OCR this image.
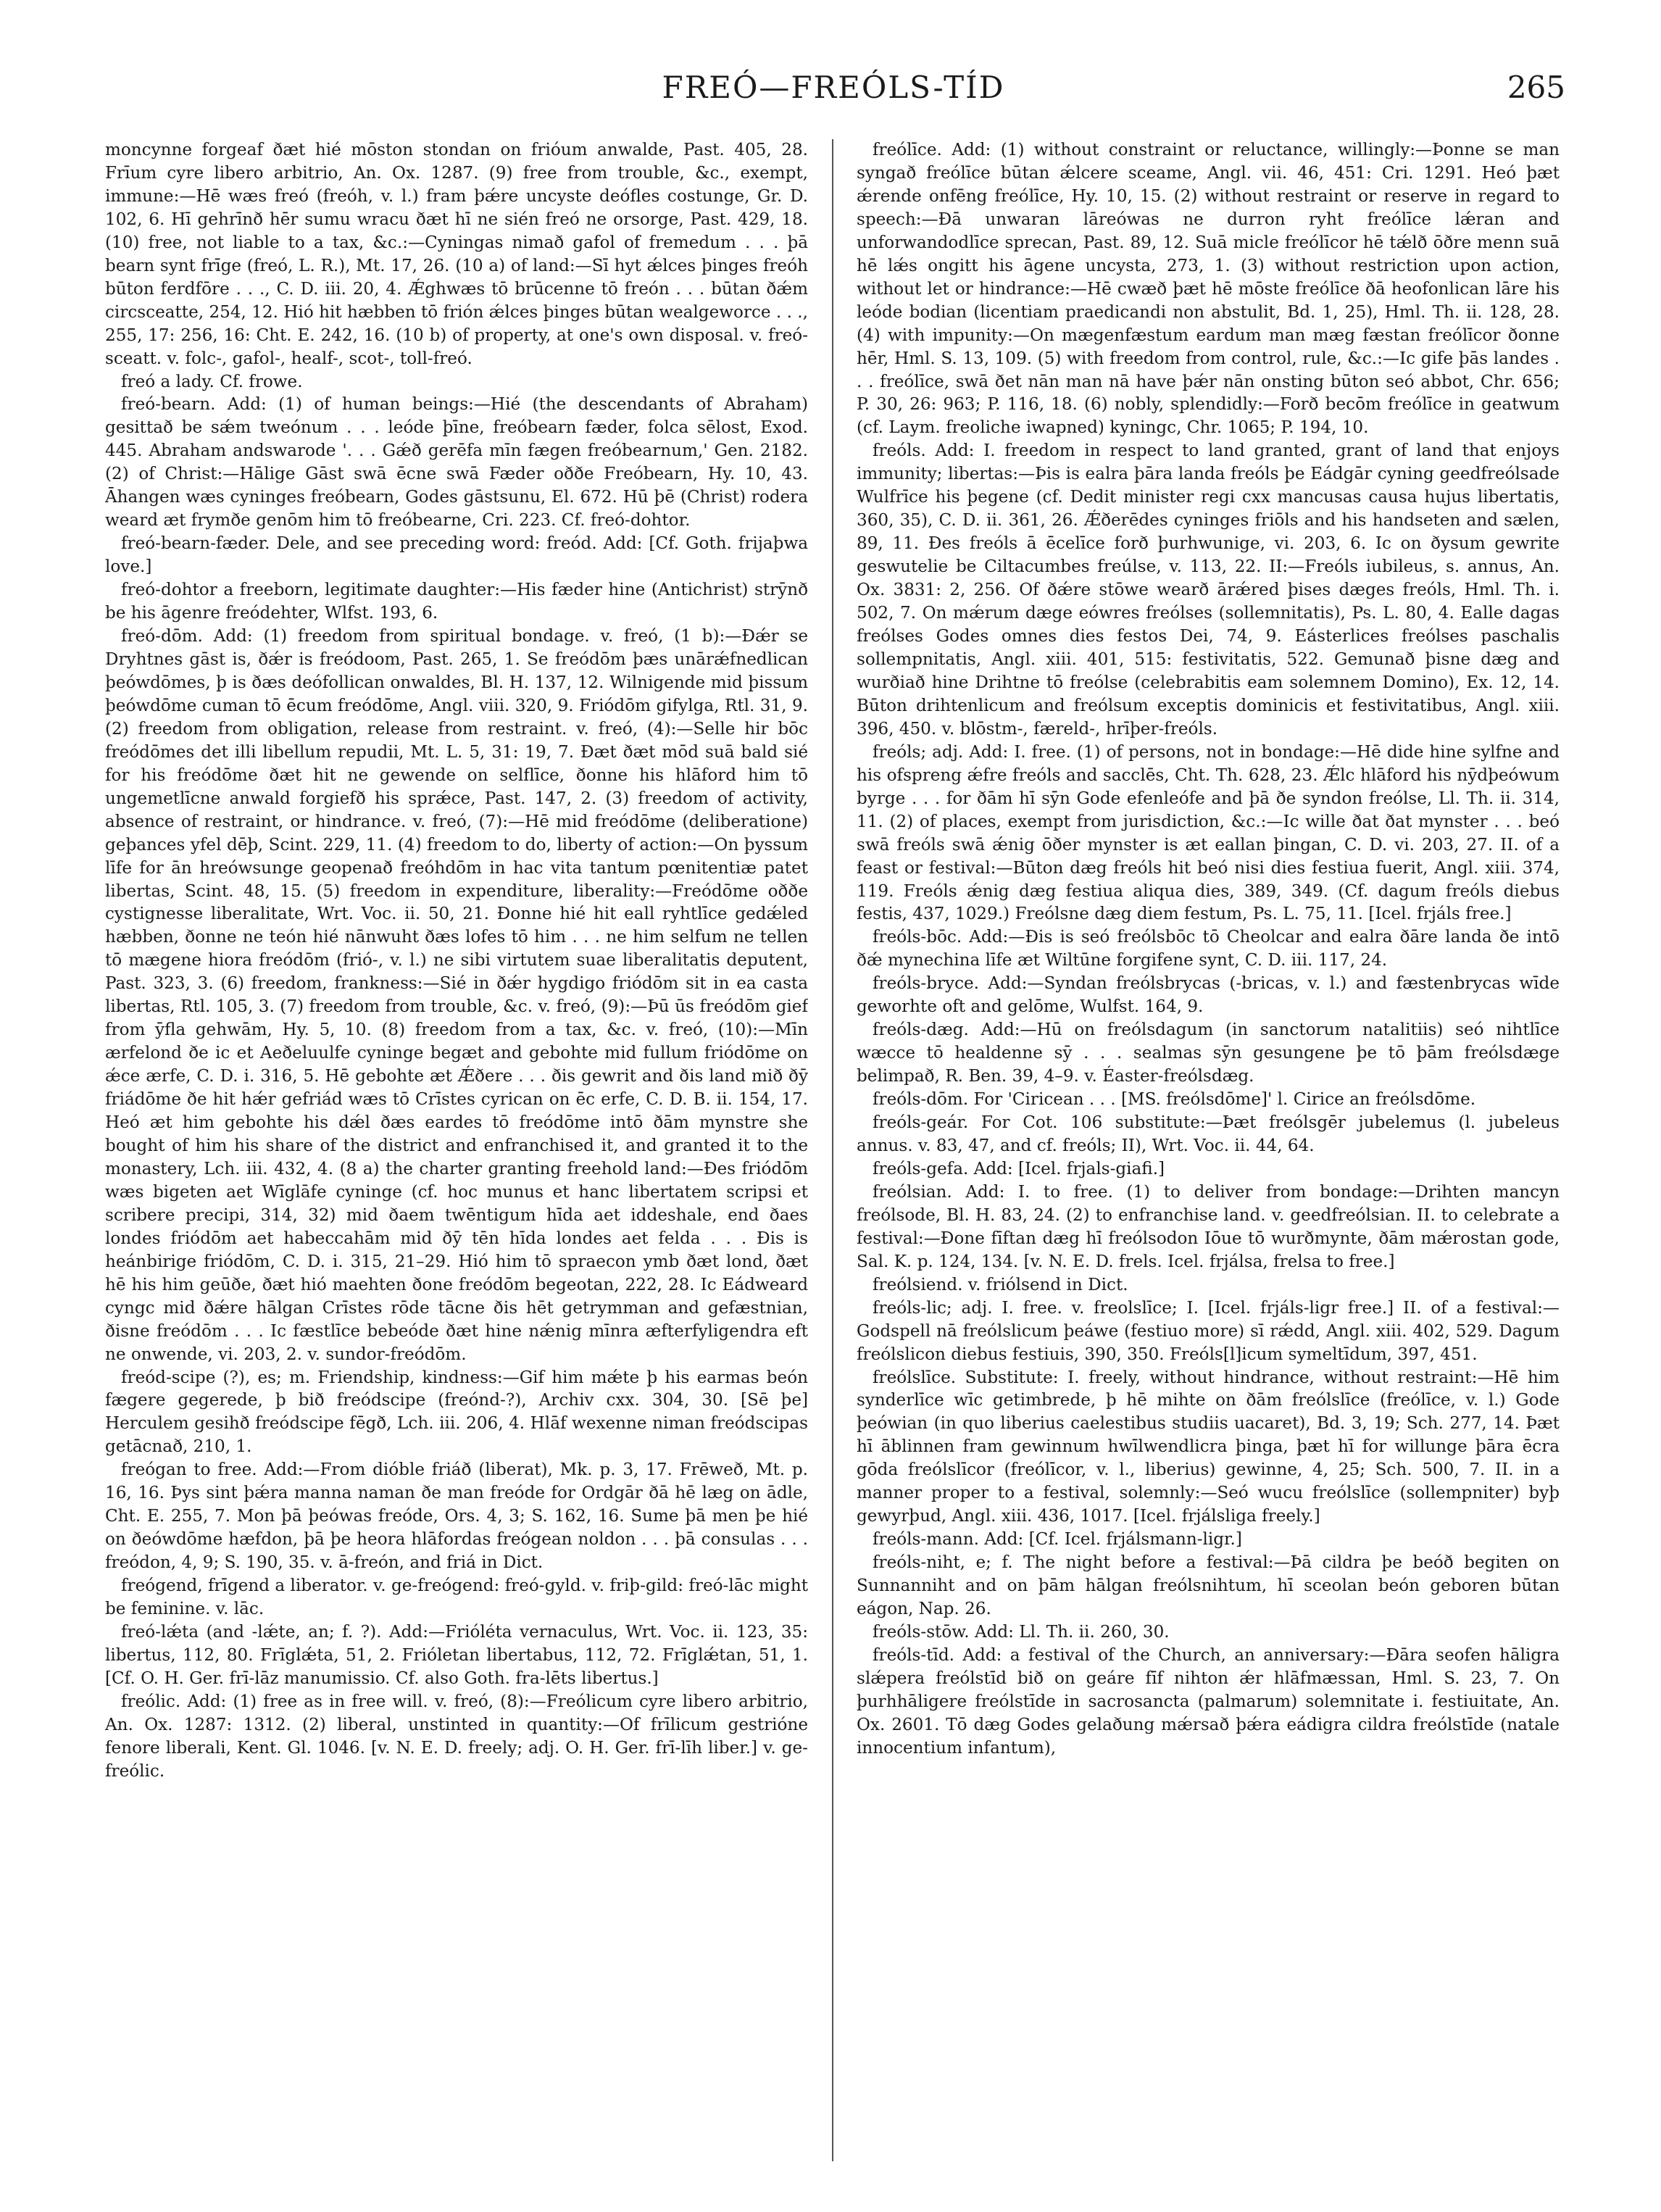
FREÓ—FREÓLS-TÍD	265

moncynne forgeaf ðæt hié mōston stondan on frióum anwalde, Past. 405, 28. Frīum cyre libero arbitrio, An. Ox. 1287. (9) free from trouble, &c., exempt, immune:—Hē wæs freó (freóh, v. l.) fram þǽre uncyste deófles costunge, Gr. D. 102, 6. Hī gehrīnð hēr sumu wracu ðæt hī ne sién freó ne orsorge, Past. 429, 18. (10) free, not liable to a tax, &c.:—Cyningas nimað gafol of fremedum . . . þā bearn synt frīge (freó, L. R.), Mt. 17, 26. (10 a) of land:—Sī hyt ǽlces þinges freóh būton ferdfōre . . ., C. D. iii. 20, 4. Ǽghwæs tō brūcenne tō freón . . . būtan ðǽm circsceatte, 254, 12. Hió hit hæbben tō frión ǽlces þinges būtan wealgeworce . . ., 255, 17: 256, 16: Cht. E. 242, 16. (10 b) of property, at one's own disposal. v. freó-sceatt. v. folc-, gafol-, healf-, scot-, toll-freó.

freó a lady. Cf. frowe.

freó-bearn. Add: (1) of human beings:—Hié (the descendants of Abraham) gesittað be sǽm tweónum . . . leóde þīne, freóbearn fæder, folca sēlost, Exod. 445. Abraham andswarode '. . . Gǽð gerēfa mīn fægen freóbearnum,' Gen. 2182. (2) of Christ:—Hālige Gāst swā ēcne swā Fæder oððe Freóbearn, Hy. 10, 43. Āhangen wæs cyninges freóbearn, Godes gāstsunu, El. 672. Hū þē (Christ) rodera weard æt frymðe genōm him tō freóbearne, Cri. 223. Cf. freó-dohtor.

freó-bearn-fæder. Dele, and see preceding word: freód. Add: [Cf. Goth. frijaþwa love.]

freó-dohtor a freeborn, legitimate daughter:—His fæder hine (Antichrist) strȳnð be his āgenre freódehter, Wlfst. 193, 6.

freó-dōm. Add: (1) freedom from spiritual bondage. v. freó, (1 b):—Ðǽr se Dryhtnes gāst is, ðǽr is freódoom, Past. 265, 1. Se freódōm þæs unārǽfnedlican þeówdōmes, þ is ðæs deófollican onwaldes, Bl. H. 137, 12. Wilnigende mid þissum þeówdōme cuman tō ēcum freódōme, Angl. viii. 320, 9. Friódōm gifylga, Rtl. 31, 9. (2) freedom from obligation, release from restraint. v. freó, (4):—Selle hir bōc freódōmes det illi libellum repudii, Mt. L. 5, 31: 19, 7. Ðæt ðæt mōd suā bald sié for his freódōme ðæt hit ne gewende on selflīce, ðonne his hlāford him tō ungemetlīcne anwald forgiefð his sprǽce, Past. 147, 2. (3) freedom of activity, absence of restraint, or hindrance. v. freó, (7):—Hē mid freódōme (deliberatione) geþances yfel dēþ, Scint. 229, 11. (4) freedom to do, liberty of action:—On þyssum līfe for ān hreówsunge geopenað freóhdōm in hac vita tantum pœnitentiæ patet libertas, Scint. 48, 15. (5) freedom in expenditure, liberality:—Freódōme oððe cystignesse liberalitate, Wrt. Voc. ii. 50, 21. Ðonne hié hit eall ryhtlīce gedǽled hæbben, ðonne ne teón hié nānwuht ðæs lofes tō him . . . ne him selfum ne tellen tō mægene hiora freódōm (frió-, v. l.) ne sibi virtutem suae liberalitatis deputent, Past. 323, 3. (6) freedom, frankness:—Sié in ðǽr hygdigo friódōm sit in ea casta libertas, Rtl. 105, 3. (7) freedom from trouble, &c. v. freó, (9):—Þū ūs freódōm gief from ȳfla gehwām, Hy. 5, 10. (8) freedom from a tax, &c. v. freó, (10):—Mīn ærfelond ðe ic et Aeðeluulfe cyninge begæt and gebohte mid fullum friódōme on ǽce ærfe, C. D. i. 316, 5. Hē gebohte æt Ǽðere . . . ðis gewrit and ðis land mið ðȳ friádōme ðe hit hǽr gefriád wæs tō Crīstes cyrican on ēc erfe, C. D. B. ii. 154, 17. Heó æt him gebohte his dǽl ðæs eardes tō freódōme intō ðām mynstre she bought of him his share of the district and enfranchised it, and granted it to the monastery, Lch. iii. 432, 4. (8 a) the charter granting freehold land:—Ðes friódōm wæs bigeten aet Wīglāfe cyninge (cf. hoc munus et hanc libertatem scripsi et scribere precipi, 314, 32) mid ðaem twēntigum hīda aet iddeshale, end ðaes londes friódōm aet habeccahām mid ðȳ tēn hīda londes aet felda . . . Ðis is heánbirige friódōm, C. D. i. 315, 21–29. Hió him tō spraecon ymb ðæt lond, ðæt hē his him geūðe, ðæt hió maehten ðone freódōm begeotan, 222, 28. Ic Eádweard cyngc mid ðǽre hālgan Crīstes rōde tācne ðis hēt getrymman and gefæstnian, ðisne freódōm . . . Ic fæstlīce bebeóde ðæt hine nǽnig mīnra æfterfyligendra eft ne onwende, vi. 203, 2. v. sundor-freódōm.

freód-scipe (?), es; m. Friendship, kindness:—Gif him mǽte þ his earmas beón fægere gegerede, þ bið freódscipe (freónd-?), Archiv cxx. 304, 30. [Sē þe] Herculem gesihð freódscipe fēgð, Lch. iii. 206, 4. Hlāf wexenne niman freódscipas getācnað, 210, 1.

freógan to free. Add:—From dióble friáð (liberat), Mk. p. 3, 17. Frēweð, Mt. p. 16, 16. Þys sint þǽra manna naman ðe man freóde for Ordgār ðā hē læg on ādle, Cht. E. 255, 7. Mon þā þeówas freóde, Ors. 4, 3; S. 162, 16. Sume þā men þe hié on ðeówdōme hæfdon, þā þe heora hlāfordas freógean noldon . . . þā consulas . . . freódon, 4, 9; S. 190, 35. v. ā-freón, and friá in Dict.

freógend, frīgend a liberator. v. ge-freógend: freó-gyld. v. friþ-gild: freó-lāc might be feminine. v. lāc.

freó-lǽta (and -lǽte, an; f. ?). Add:—Frióléta vernaculus, Wrt. Voc. ii. 123, 35: libertus, 112, 80. Frīglǽta, 51, 2. Frióletan libertabus, 112, 72. Frīglǽtan, 51, 1. [Cf. O. H. Ger. frī-lāz manumissio. Cf. also Goth. fra-lēts libertus.]

freólic. Add: (1) free as in free will. v. freó, (8):—Freólicum cyre libero arbitrio, An. Ox. 1287: 1312. (2) liberal, unstinted in quantity:—Of frīlicum gestrióne fenore liberali, Kent. Gl. 1046. [v. N. E. D. freely; adj. O. H. Ger. frī-līh liber.] v. ge-freólic.

freólīce. Add: (1) without constraint or reluctance, willingly:—Þonne se man syngað freólīce būtan ǽlcere sceame, Angl. vii. 46, 451: Cri. 1291. Heó þæt ǽrende onfēng freólīce, Hy. 10, 15. (2) without restraint or reserve in regard to speech:—Ðā unwaran lāreówas ne durron ryht freólīce lǽran and unforwandodlīce sprecan, Past. 89, 12. Suā micle freólīcor hē tǽlð ōðre menn suā hē lǽs ongitt his āgene uncysta, 273, 1. (3) without restriction upon action, without let or hindrance:—Hē cwæð þæt hē mōste freólīce ðā heofonlican lāre his leóde bodian (licentiam praedicandi non abstulit, Bd. 1, 25), Hml. Th. ii. 128, 28. (4) with impunity:—On mægenfæstum eardum man mæg fæstan freólīcor ðonne hēr, Hml. S. 13, 109. (5) with freedom from control, rule, &c.:—Ic gife þās landes . . . freólīce, swā ðet nān man nā have þǽr nān onsting būton seó abbot, Chr. 656; P. 30, 26: 963; P. 116, 18. (6) nobly, splendidly:—Forð becōm freólīce in geatwum (cf. Laym. freoliche iwapned) kyningc, Chr. 1065; P. 194, 10.

freóls. Add: I. freedom in respect to land granted, grant of land that enjoys immunity; libertas:—Þis is ealra þāra landa freóls þe Eádgār cyning geedfreólsade Wulfrīce his þegene (cf. Dedit minister regi cxx mancusas causa hujus libertatis, 360, 35), C. D. ii. 361, 26. Ǽðerēdes cyninges friōls and his handseten and sælen, 89, 11. Ðes freóls ā ēcelīce forð þurhwunige, vi. 203, 6. Ic on ðysum gewrite geswutelie be Ciltacumbes freúlse, v. 113, 22. II:—Freóls iubileus, s. annus, An. Ox. 3831: 2, 256. Of ðǽre stōwe wearð ārǽred þises dæges freóls, Hml. Th. i. 502, 7. On mǽrum dæge eówres freólses (sollemnitatis), Ps. L. 80, 4. Ealle dagas freólses Godes omnes dies festos Dei, 74, 9. Eásterlices freólses paschalis sollempnitatis, Angl. xiii. 401, 515: festivitatis, 522. Gemunað þisne dæg and wurðiað hine Drihtne tō freólse (celebrabitis eam solemnem Domino), Ex. 12, 14. Būton drihtenlicum and freólsum exceptis dominicis et festivitatibus, Angl. xiii. 396, 450. v. blōstm-, færeld-, hrīþer-freóls.

freóls; adj. Add: I. free. (1) of persons, not in bondage:—Hē dide hine sylfne and his ofspreng ǽfre freóls and sacclēs, Cht. Th. 628, 23. Ǽlc hlāford his nȳdþeówum byrge . . . for ðām hī sȳn Gode efenleófe and þā ðe syndon freólse, Ll. Th. ii. 314, 11. (2) of places, exempt from jurisdiction, &c.:—Ic wille ðat ðat mynster . . . beó swā freóls swā ǽnig ōðer mynster is æt eallan þingan, C. D. vi. 203, 27. II. of a feast or festival:—Būton dæg freóls hit beó nisi dies festiua fuerit, Angl. xiii. 374, 119. Freóls ǽnig dæg festiua aliqua dies, 389, 349. (Cf. dagum freóls diebus festis, 437, 1029.) Freólsne dæg diem festum, Ps. L. 75, 11. [Icel. frjáls free.]

freóls-bōc. Add:—Ðis is seó freólsbōc tō Cheolcar and ealra ðāre landa ðe intō ðǽ mynechina līfe æt Wiltūne forgifene synt, C. D. iii. 117, 24.

freóls-bryce. Add:—Syndan freólsbrycas (-bricas, v. l.) and fæstenbrycas wīde geworhte oft and gelōme, Wulfst. 164, 9.

freóls-dæg. Add:—Hū on freólsdagum (in sanctorum natalitiis) seó nihtlīce wæcce tō healdenne sȳ . . . sealmas sȳn gesungene þe tō þām freólsdæge belimpað, R. Ben. 39, 4–9. v. Éaster-freólsdæg.

freóls-dōm. For 'Ciricean . . . [MS. freólsdōme]' l. Cirice an freólsdōme.

freóls-geár. For Cot. 106 substitute:—Þæt freólsgēr jubelemus (l. jubeleus annus. v. 83, 47, and cf. freóls; II), Wrt. Voc. ii. 44, 64.

freóls-gefa. Add: [Icel. frjals-giafi.]

freólsian. Add: I. to free. (1) to deliver from bondage:—Drihten mancyn freólsode, Bl. H. 83, 24. (2) to enfranchise land. v. geedfreólsian. II. to celebrate a festival:—Ðone fīftan dæg hī freólsodon Iōue tō wurðmynte, ðām mǽrostan gode, Sal. K. p. 124, 134. [v. N. E. D. frels. Icel. frjálsa, frelsa to free.]

freólsiend. v. friólsend in Dict.

freóls-lic; adj. I. free. v. freolslīce; I. [Icel. frjáls-ligr free.] II. of a festival:—Godspell nā freólslicum þeáwe (festiuo more) sī rǽdd, Angl. xiii. 402, 529. Dagum freólslicon diebus festiuis, 390, 350. Freóls[l]icum symeltīdum, 397, 451.

freólslīce. Substitute: I. freely, without hindrance, without restraint:—Hē him synderlīce wīc getimbrede, þ hē mihte on ðām freólslīce (freólīce, v. l.) Gode þeówian (in quo liberius caelestibus studiis uacaret), Bd. 3, 19; Sch. 277, 14. Þæt hī āblinnen fram gewinnum hwīlwendlicra þinga, þæt hī for willunge þāra ēcra gōda freólslīcor (freólīcor, v. l., liberius) gewinne, 4, 25; Sch. 500, 7. II. in a manner proper to a festival, solemnly:—Seó wucu freólslīce (sollempniter) byþ gewyrþud, Angl. xiii. 436, 1017. [Icel. frjálsliga freely.]

freóls-mann. Add: [Cf. Icel. frjálsmann-ligr.]

freóls-niht, e; f. The night before a festival:—Þā cildra þe beóð begiten on Sunnanniht and on þām hālgan freólsnihtum, hī sceolan beón geboren būtan eágon, Nap. 26.

freóls-stōw. Add: Ll. Th. ii. 260, 30.

freóls-tīd. Add: a festival of the Church, an anniversary:—Ðāra seofen hāligra slǽpera freólstīd bið on geáre fīf nihton ǽr hlāfmæssan, Hml. S. 23, 7. On þurhhāligere freólstīde in sacrosancta (palmarum) solemnitate i. festiuitate, An. Ox. 2601. Tō dæg Godes gelaðung mǽrsað þǽra eádigra cildra freólstīde (natale innocentium infantum),
